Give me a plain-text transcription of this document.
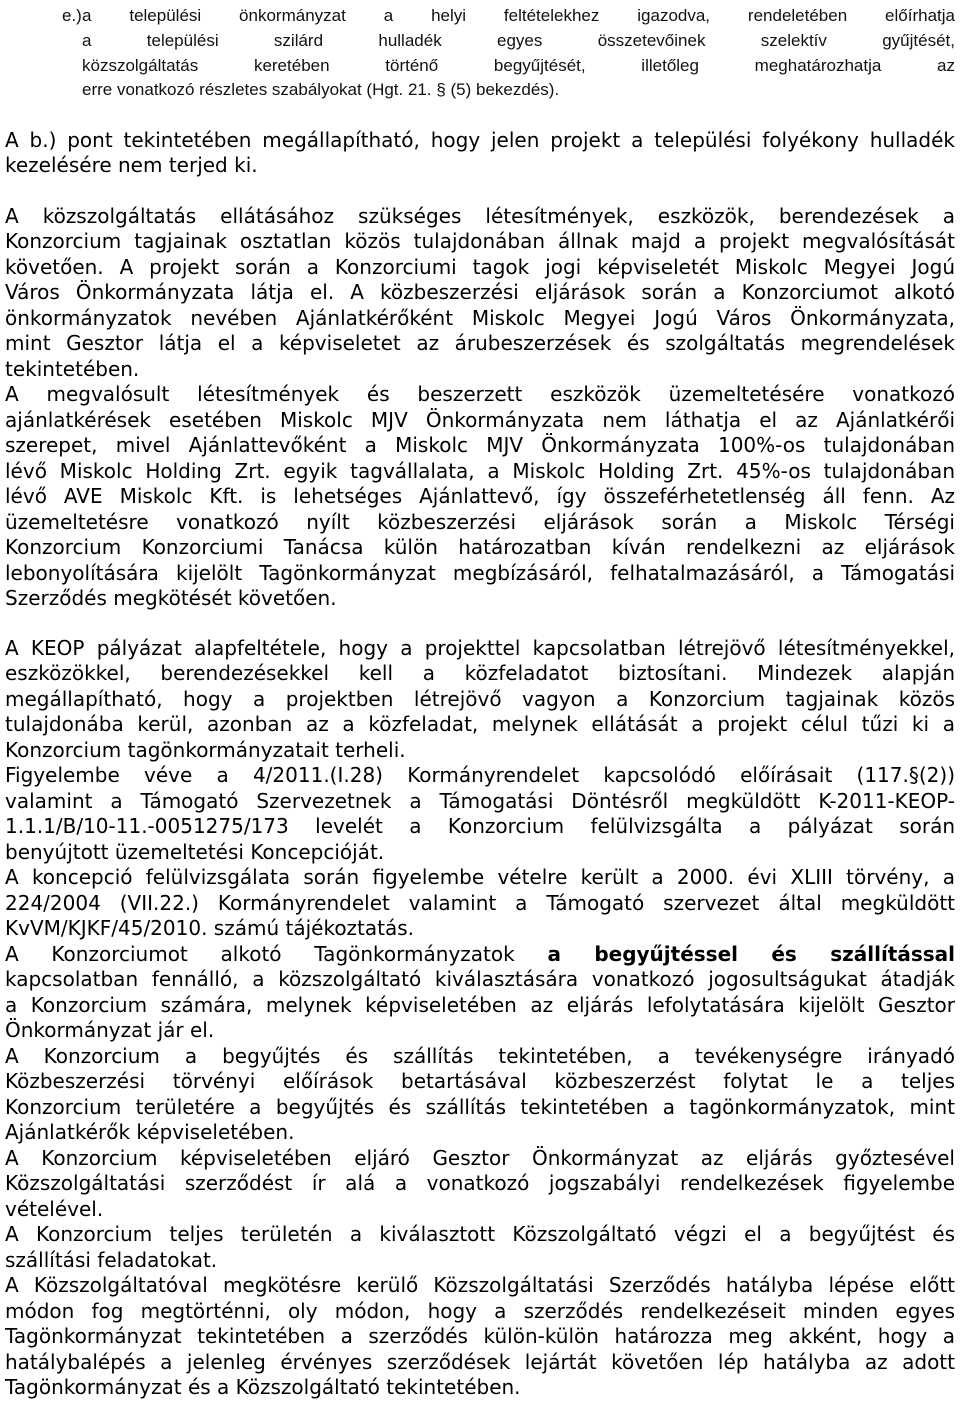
e.) a települési önkormányzat a helyi feltételekhez igazodva, rendeletében előírhatja
a települési szilárd hulladék egyes összetevőinek szelektív gyűjtését,
közszolgáltatás keretében történő begyűjtését, illetőleg meghatározhatja az
erre vonatkozó részletes szabályokat (Hgt. 21. § (5) bekezdés).
A b.) pont tekintetében megállapítható, hogy jelen projekt a települési folyékony hulladék
kezelésére nem terjed ki.
A közszolgáltatás ellátásához szükséges létesítmények, eszközök, berendezések a
Konzorcium tagjainak osztatlan közös tulajdonában állnak majd a projekt megvalósítását
követően. A projekt során a Konzorciumi tagok jogi képviseletét Miskolc Megyei Jogú
Város Önkormányzata látja el. A közbeszerzési eljárások során a Konzorciumot alkotó
önkormányzatok nevében Ajánlatkérőként Miskolc Megyei Jogú Város Önkormányzata,
mint Gesztor látja el a képviseletet az árubeszerzések és szolgáltatás megrendelések
tekintetében.
A megvalósult létesítmények és beszerzett eszközök üzemeltetésére vonatkozó
ajánlatkérések esetében Miskolc MJV Önkormányzata nem láthatja el az Ajánlatkérői
szerepet, mivel Ajánlattevőként a Miskolc MJV Önkormányzata 100%-os tulajdonában
lévő Miskolc Holding Zrt. egyik tagvállalata, a Miskolc Holding Zrt. 45%-os tulajdonában
lévő AVE Miskolc Kft. is lehetséges Ajánlattevő, így összeférhetetlenség áll fenn. Az
üzemeltetésre vonatkozó nyílt közbeszerzési eljárások során a Miskolc Térségi
Konzorcium Konzorciumi Tanácsa külön határozatban kíván rendelkezni az eljárások
lebonyolítására kijelölt Tagönkormányzat megbízásáról, felhatalmazásáról, a Támogatási
Szerződés megkötését követően.
A KEOP pályázat alapfeltétele, hogy a projekttel kapcsolatban létrejövő létesítményekkel,
eszközökkel, berendezésekkel kell a közfeladatot biztosítani. Mindezek alapján
megállapítható, hogy a projektben létrejövő vagyon a Konzorcium tagjainak közös
tulajdonába kerül, azonban az a közfeladat, melynek ellátását a projekt célul tűzi ki a
Konzorcium tagönkormányzatait terheli.
Figyelembe véve a 4/2011.(I.28) Kormányrendelet kapcsolódó előírásait (117.§(2))
valamint a Támogató Szervezetnek a Támogatási Döntésről megküldött K-2011-KEOP-
1.1.1/B/10-11.-0051275/173 levelét a Konzorcium felülvizsgálta a pályázat során
benyújtott üzemeltetési Koncepcióját.
A koncepció felülvizsgálata során figyelembe vételre került a 2000. évi XLIII törvény, a
224/2004 (VII.22.) Kormányrendelet valamint a Támogató szervezet által megküldött
KvVM/KJKF/45/2010. számú tájékoztatás.
A Konzorciumot alkotó Tagönkormányzatok a begyűjtéssel és szállítással
kapcsolatban fennálló, a közszolgáltató kiválasztására vonatkozó jogosultságukat átadják
a Konzorcium számára, melynek képviseletében az eljárás lefolytatására kijelölt Gesztor
Önkormányzat jár el.
A Konzorcium a begyűjtés és szállítás tekintetében, a tevékenységre irányadó
Közbeszerzési törvényi előírások betartásával közbeszerzést folytat le a teljes
Konzorcium területére a begyűjtés és szállítás tekintetében a tagönkormányzatok, mint
Ajánlatkérők képviseletében.
A Konzorcium képviseletében eljáró Gesztor Önkormányzat az eljárás győztesével
Közszolgáltatási szerződést ír alá a vonatkozó jogszabályi rendelkezések figyelembe
vételével.
A Konzorcium teljes területén a kiválasztott Közszolgáltató végzi el a begyűjtést és
szállítási feladatokat.
A Közszolgáltatóval megkötésre kerülő Közszolgáltatási Szerződés hatályba lépése előtt
módon fog megtörténni, oly módon, hogy a szerződés rendelkezéseit minden egyes
Tagönkormányzat tekintetében a szerződés külön-külön határozza meg akként, hogy a
hatálybalépés a jelenleg érvényes szerződések lejártát követően lép hatályba az adott
Tagönkormányzat és a Közszolgáltató tekintetében.
